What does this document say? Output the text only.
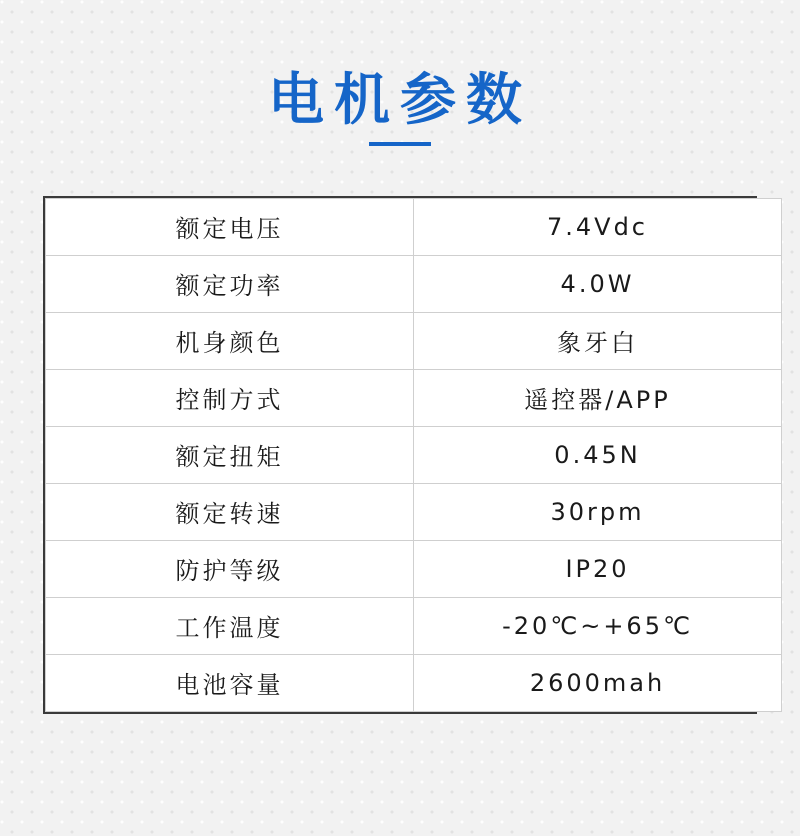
电机参数
额定电压	7.4Vdc
额定功率	4.0W
机身颜色	象牙白
控制方式	遥控器/APP
额定扭矩	0.45N
额定转速	30rpm
防护等级	IP20
工作温度	-20℃~+65℃
电池容量	2600mah
